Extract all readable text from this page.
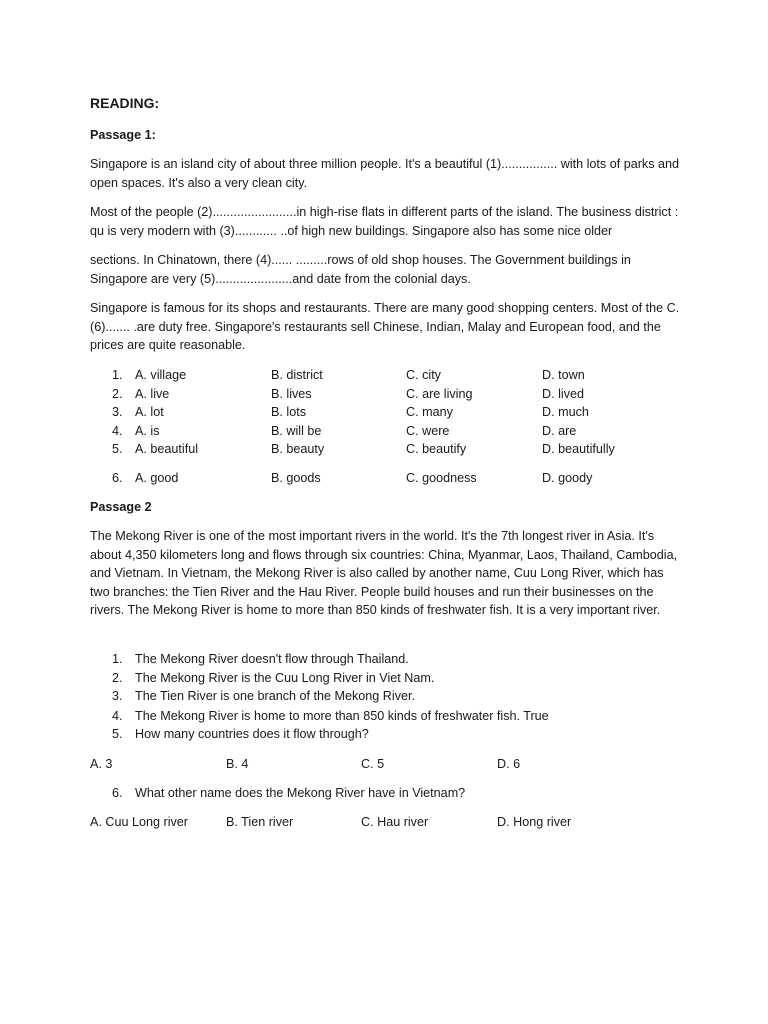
READING:
Passage 1:
Singapore is an island city of about three million people. It's a beautiful (1)................ with lots of parks and open spaces. It's also a very clean city.
Most of the people (2)........................in high-rise flats in different parts of the island. The business district : qu is very modern with (3)............ ..of high new buildings. Singapore also has some nice older
sections. In Chinatown, there (4)...... .........rows of old shop houses. The Government buildings in Singapore are very (5)......................and date from the colonial days.
Singapore is famous for its shops and restaurants. There are many good shopping centers. Most of the C. (6)....... .are duty free. Singapore's restaurants sell Chinese, Indian, Malay and European food, and the prices are quite reasonable.
1. A. village	B. district	C. city	D. town
2. A. live	B. lives	C. are living	D. lived
3. A. lot	B. lots	C. many	D. much
4. A. is	B. will be	C. were	D. are
5. A. beautiful	B. beauty	C. beautify	D. beautifully
6. A. good	B. goods	C. goodness	D. goody
Passage 2
The Mekong River is one of the most important rivers in the world. It's the 7th longest river in Asia. It's about 4,350 kilometers long and flows through six countries: China, Myanmar, Laos, Thailand, Cambodia, and Vietnam. In Vietnam, the Mekong River is also called by another name, Cuu Long River, which has two branches: the Tien River and the Hau River. People build houses and run their businesses on the rivers. The Mekong River is home to more than 850 kinds of freshwater fish. It is a very important river.
1. The Mekong River doesn't flow through Thailand.
2. The Mekong River is the Cuu Long River in Viet Nam.
3. The Tien River is one branch of the Mekong River.
4. The Mekong River is home to more than 850 kinds of freshwater fish. True
5. How many countries does it flow through?
A. 3	B. 4	C. 5	D. 6
6. What other name does the Mekong River have in Vietnam?
A. Cuu Long river	B. Tien river	C. Hau river	D. Hong river
